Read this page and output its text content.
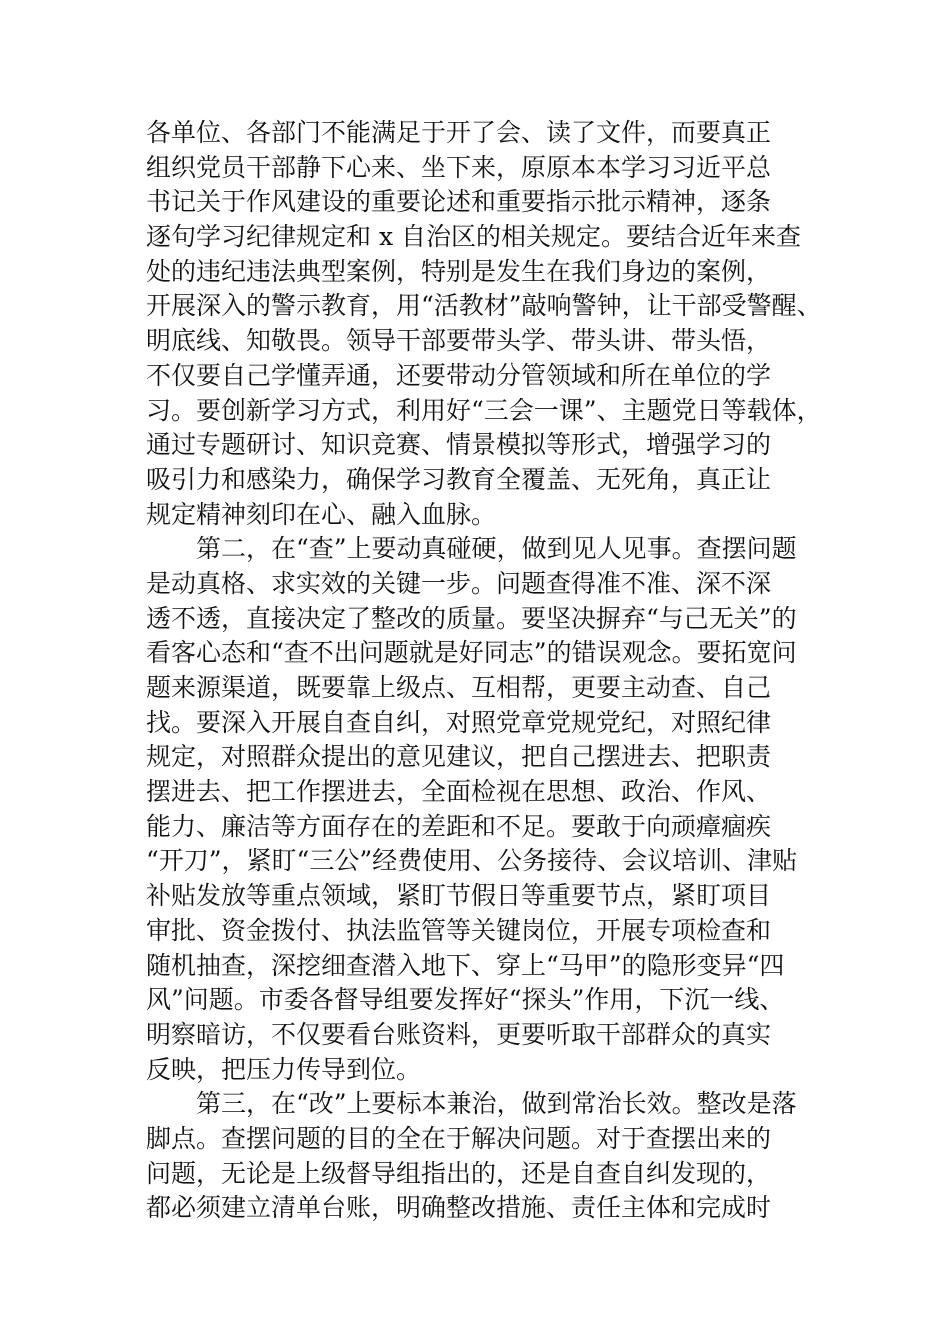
各单位、各部门不能满足于开了会、读了文件，而要真正
组织党员干部静下心来、坐下来，原原本本学习习近平总
书记关于作风建设的重要论述和重要指示批示精神，逐条
逐句学习纪律规定和 x 自治区的相关规定。要结合近年来查
处的违纪违法典型案例，特别是发生在我们身边的案例，
开展深入的警示教育，用“活教材”敲响警钟，让干部受警醒、
明底线、知敬畏。领导干部要带头学、带头讲、带头悟，
不仅要自己学懂弄通，还要带动分管领域和所在单位的学
习。要创新学习方式，利用好“三会一课”、主题党日等载体，
通过专题研讨、知识竞赛、情景模拟等形式，增强学习的
吸引力和感染力，确保学习教育全覆盖、无死角，真正让
规定精神刻印在心、融入血脉。
第二，在“查”上要动真碰硬，做到见人见事。查摆问题
是动真格、求实效的关键一步。问题查得准不准、深不深
透不透，直接决定了整改的质量。要坚决摒弃“与己无关”的
看客心态和“查不出问题就是好同志”的错误观念。要拓宽问
题来源渠道，既要靠上级点、互相帮，更要主动查、自己
找。要深入开展自查自纠，对照党章党规党纪，对照纪律
规定，对照群众提出的意见建议，把自己摆进去、把职责
摆进去、把工作摆进去，全面检视在思想、政治、作风、
能力、廉洁等方面存在的差距和不足。要敢于向顽瘴痼疾
“开刀”，紧盯“三公”经费使用、公务接待、会议培训、津贴
补贴发放等重点领域，紧盯节假日等重要节点，紧盯项目
审批、资金拨付、执法监管等关键岗位，开展专项检查和
随机抽查，深挖细查潜入地下、穿上“马甲”的隐形变异“四
风”问题。市委各督导组要发挥好“探头”作用，下沉一线、
明察暗访，不仅要看台账资料，更要听取干部群众的真实
反映，把压力传导到位。
第三，在“改”上要标本兼治，做到常治长效。整改是落
脚点。查摆问题的目的全在于解决问题。对于查摆出来的
问题，无论是上级督导组指出的，还是自查自纠发现的，
都必须建立清单台账，明确整改措施、责任主体和完成时
